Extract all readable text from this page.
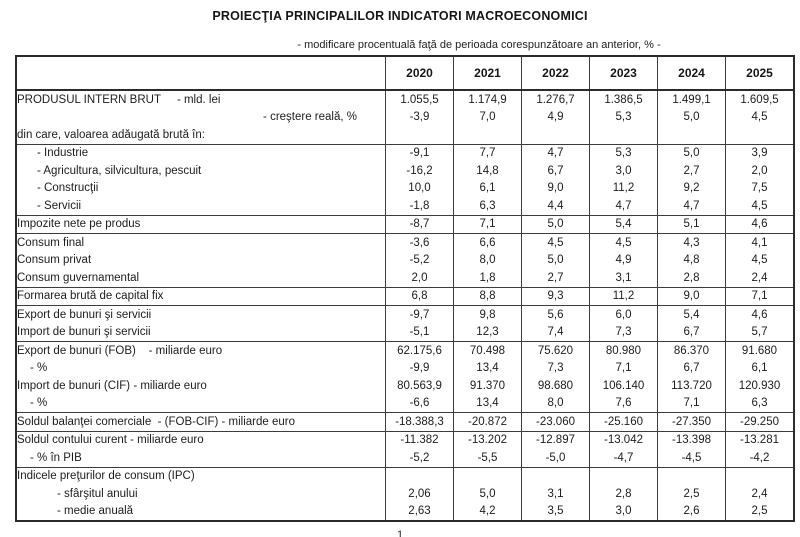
PROIECŢIA PRINCIPALILOR INDICATORI MACROECONOMICI
- modificare procentuală faţă de perioada corespunzătoare an anterior, % -
	2020	2021	2022	2023	2024	2025
PRODUSUL INTERN BRUT     - mld. lei	1.055,5	1.174,9	1.276,7	1.386,5	1.499,1	1.609,5
- creştere reală, %	-3,9	7,0	4,9	5,3	5,0	4,5
din care, valoarea adăugată brută în:						
- Industrie	-9,1	7,7	4,7	5,3	5,0	3,9
- Agricultura, silvicultura, pescuit	-16,2	14,8	6,7	3,0	2,7	2,0
- Construcţii	10,0	6,1	9,0	11,2	9,2	7,5
- Servicii	-1,8	6,3	4,4	4,7	4,7	4,5
Impozite nete pe produs	-8,7	7,1	5,0	5,4	5,1	4,6
Consum final	-3,6	6,6	4,5	4,5	4,3	4,1
Consum privat	-5,2	8,0	5,0	4,9	4,8	4,5
Consum guvernamental	2,0	1,8	2,7	3,1	2,8	2,4
Formarea brută de capital fix	6,8	8,8	9,3	11,2	9,0	7,1
Export de bunuri şi servicii	-9,7	9,8	5,6	6,0	5,4	4,6
Import de bunuri şi servicii	-5,1	12,3	7,4	7,3	6,7	5,7
Export de bunuri (FOB)    - miliarde euro	62.175,6	70.498	75.620	80.980	86.370	91.680
- %	-9,9	13,4	7,3	7,1	6,7	6,1
Import de bunuri (CIF) - miliarde euro	80.563,9	91.370	98.680	106.140	113.720	120.930
- %	-6,6	13,4	8,0	7,6	7,1	6,3
Soldul balanţei comerciale  - (FOB-CIF) - miliarde euro	-18.388,3	-20.872	-23.060	-25.160	-27.350	-29.250
Soldul contului curent - miliarde euro	-11.382	-13.202	-12.897	-13.042	-13.398	-13.281
- % în PIB	-5,2	-5,5	-5,0	-4,7	-4,5	-4,2
Indicele preţurilor de consum (IPC)						
- sfârşitul anului	2,06	5,0	3,1	2,8	2,5	2,4
- medie anuală	2,63	4,2	3,5	3,0	2,6	2,5
1
